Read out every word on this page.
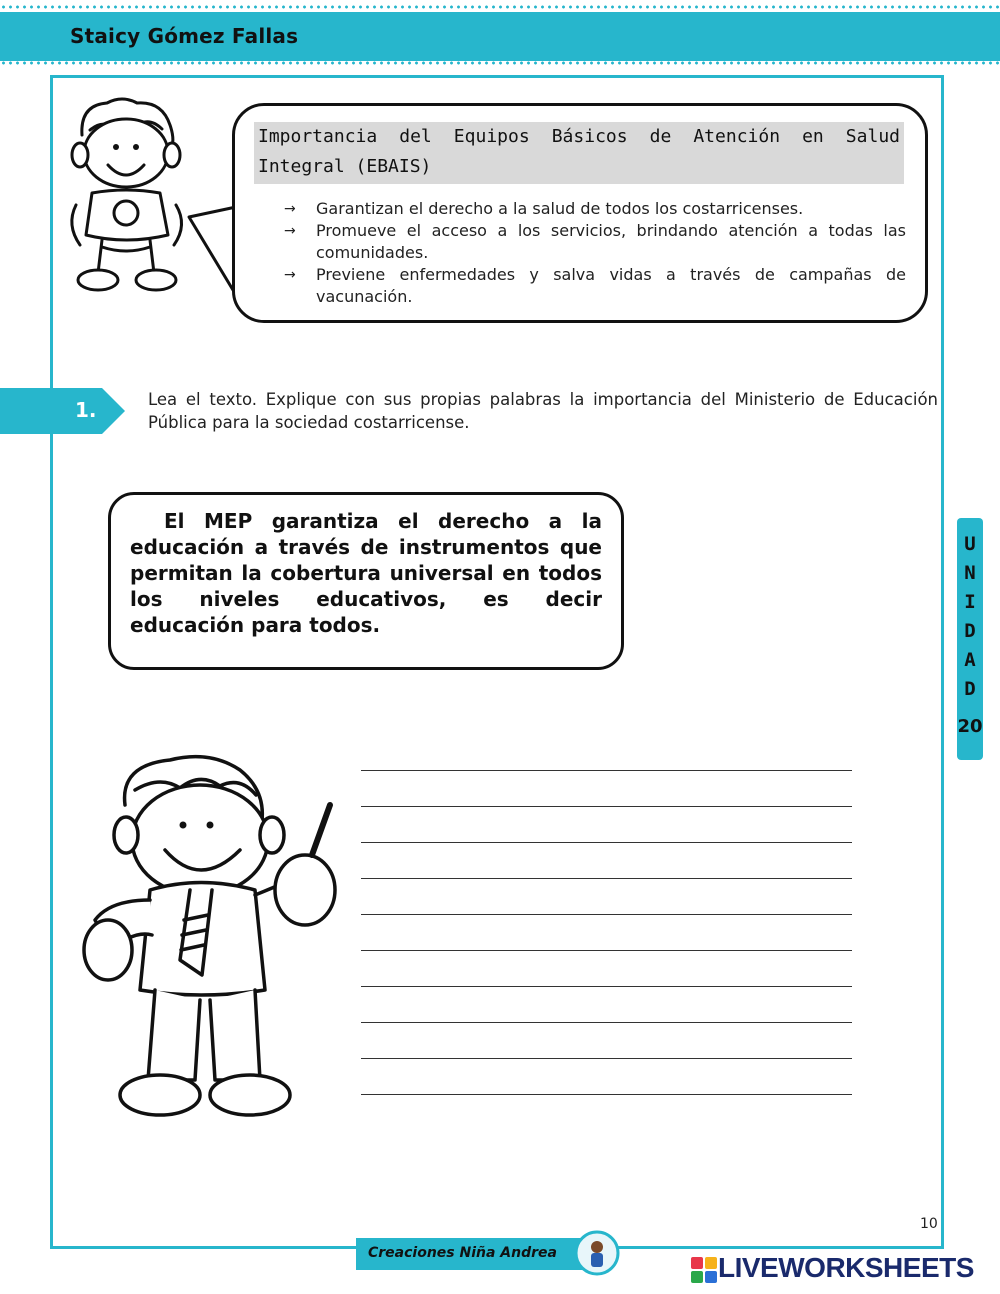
Staicy Gómez Fallas
Importancia del Equipos Básicos de Atención en Salud Integral (EBAIS)
→ Garantizan el derecho a la salud de todos los costarricenses.
→ Promueve el acceso a los servicios, brindando atención a todas las comunidades.
→ Previene enfermedades y salva vidas a través de campañas de vacunación.
1.	Lea el texto. Explique con sus propias palabras la importancia del Ministerio de Educación Pública para la sociedad costarricense.
El MEP garantiza el derecho a la educación a través de instrumentos que permitan la cobertura universal en todos los niveles educativos, es decir educación para todos.
U
N
I
D
A
D
20
10
Creaciones Niña Andrea	LIVEWORKSHEETS
